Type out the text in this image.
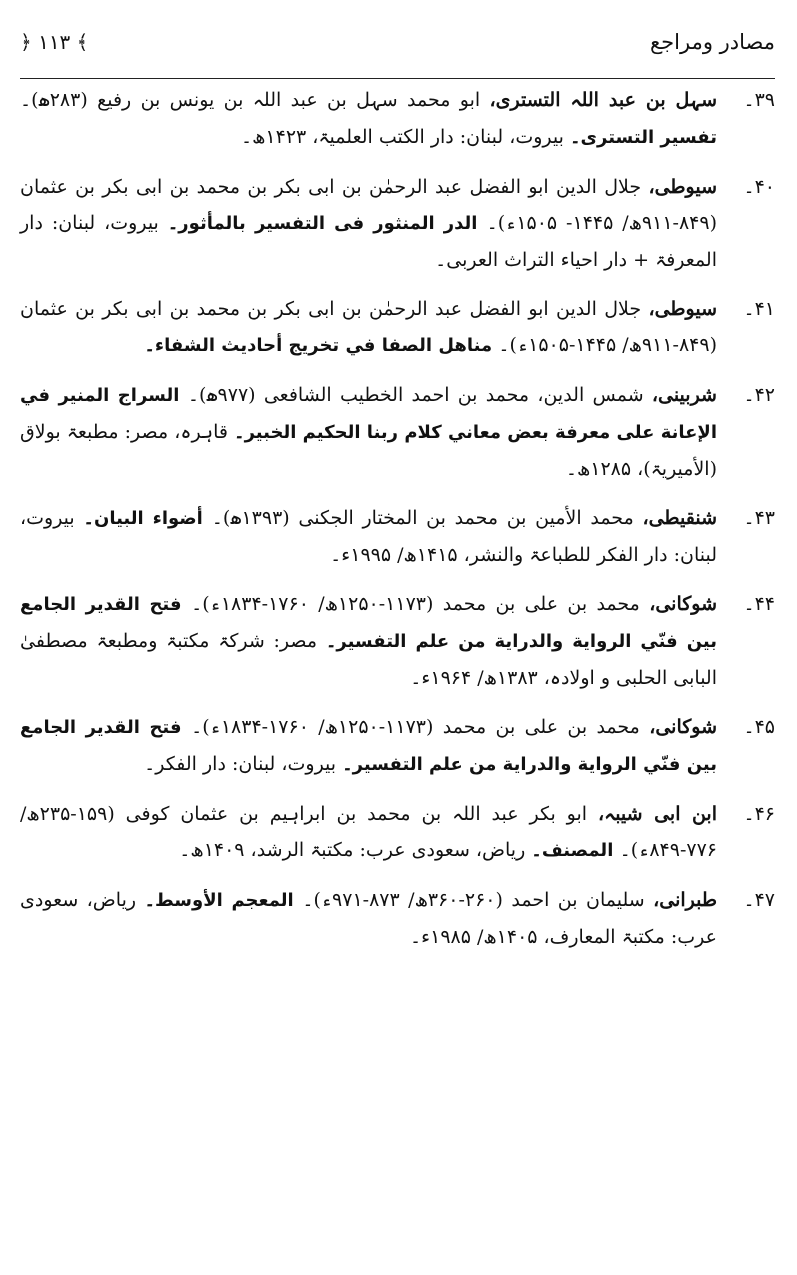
مصادر ومراجع
﴿ ۱۱۳ ﴾
۳۹۔
سہل بن عبد اللہ التستری، ابو محمد سہل بن عبد اللہ بن یونس بن رفیع (۲۸۳ھ)۔ تفسیر التستری۔ بیروت، لبنان: دار الکتب العلمیۃ، ۱۴۲۳ھ۔
۴۰۔
سیوطی، جلال الدین ابو الفضل عبد الرحمٰن بن ابی بکر بن محمد بن ابی بکر بن عثمان (۸۴۹-۹۱۱ھ/ ۱۴۴۵- ۱۵۰۵ء)۔ الدر المنثور فی التفسیر بالمأثور۔ بیروت، لبنان: دار المعرفۃ + دار احیاء التراث العربی۔
۴۱۔
سیوطی، جلال الدین ابو الفضل عبد الرحمٰن بن ابی بکر بن محمد بن ابی بکر بن عثمان (۸۴۹-۹۱۱ھ/ ۱۴۴۵-۱۵۰۵ء)۔ مناهل الصفا في تخريج أحاديث الشفاء۔
۴۲۔
شربینی، شمس الدین، محمد بن احمد الخطیب الشافعی (۹۷۷ھ)۔ السراج المنير في الإعانة على معرفة بعض معاني كلام ربنا الحكيم الخبير۔ قاہرہ، مصر: مطبعۃ بولاق (الأمیریۃ)، ۱۲۸۵ھ۔
۴۳۔
شنقیطی، محمد الأمین بن محمد بن المختار الجکنی (۱۳۹۳ھ)۔ أضواء البيان۔ بیروت، لبنان: دار الفکر للطباعۃ والنشر، ۱۴۱۵ھ/ ۱۹۹۵ء۔
۴۴۔
شوکانی، محمد بن علی بن محمد (۱۱۷۳-۱۲۵۰ھ/ ۱۷۶۰-۱۸۳۴ء)۔ فتح القدير الجامع بين فنّي الرواية والدراية من علم التفسير۔ مصر: شرکۃ مکتبۃ ومطبعۃ مصطفیٰ البابی الحلبی و اولادہ، ۱۳۸۳ھ/ ۱۹۶۴ء۔
۴۵۔
شوکانی، محمد بن علی بن محمد (۱۱۷۳-۱۲۵۰ھ/ ۱۷۶۰-۱۸۳۴ء)۔ فتح القدير الجامع بين فنّي الرواية والدراية من علم التفسير۔ بیروت، لبنان: دار الفکر۔
۴۶۔
ابن ابی شیبہ، ابو بکر عبد اللہ بن محمد بن ابراہیم بن عثمان کوفی (۱۵۹-۲۳۵ھ/ ۷۷۶-۸۴۹ء)۔ المصنف۔ ریاض، سعودی عرب: مکتبۃ الرشد، ۱۴۰۹ھ۔
۴۷۔
طبرانی، سلیمان بن احمد (۲۶۰-۳۶۰ھ/ ۸۷۳-۹۷۱ء)۔ المعجم الأوسط۔ ریاض، سعودی عرب: مکتبۃ المعارف، ۱۴۰۵ھ/ ۱۹۸۵ء۔
